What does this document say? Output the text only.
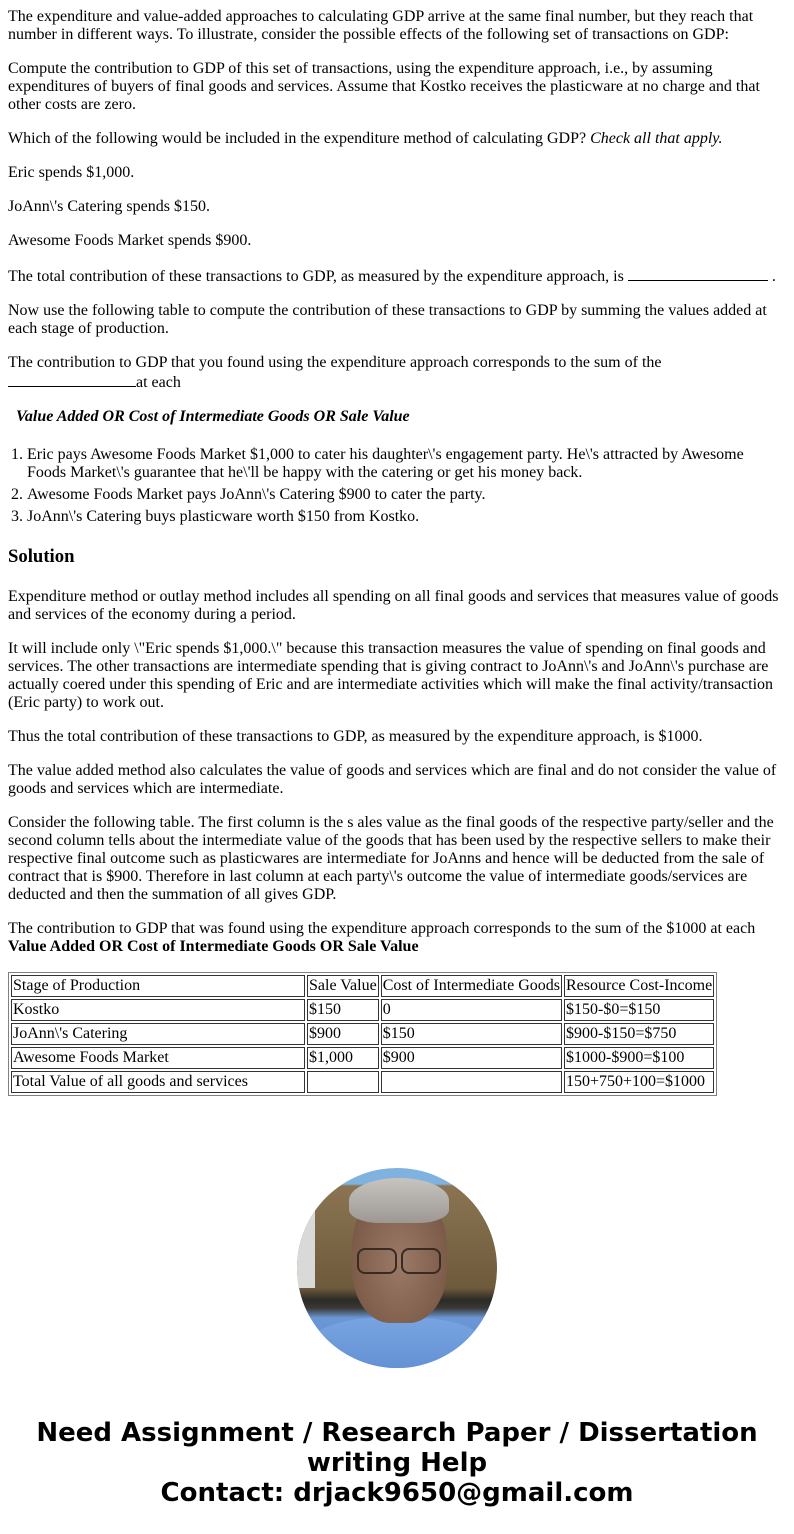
The expenditure and value-added approaches to calculating GDP arrive at the same final number, but they reach that number in different ways. To illustrate, consider the possible effects of the following set of transactions on GDP:

Compute the contribution to GDP of this set of transactions, using the expenditure approach, i.e., by assuming expenditures of buyers of final goods and services. Assume that Kostko receives the plasticware at no charge and that other costs are zero.

Which of the following would be included in the expenditure method of calculating GDP? Check all that apply.

Eric spends $1,000.

JoAnn\'s Catering spends $150.

Awesome Foods Market spends $900.

The total contribution of these transactions to GDP, as measured by the expenditure approach, is	.

Now use the following table to compute the contribution of these transactions to GDP by summing the values added at each stage of production.

The contribution to GDP that you found using the expenditure approach corresponds to the sum of the
at each

Value Added OR Cost of Intermediate Goods OR Sale Value
1. Eric pays Awesome Foods Market $1,000 to cater his daughter\'s engagement party. He\'s attracted by Awesome Foods Market\'s guarantee that he\'ll be happy with the catering or get his money back.
2. Awesome Foods Market pays JoAnn\'s Catering $900 to cater the party.
3. JoAnn\'s Catering buys plasticware worth $150 from Kostko.
Solution

Expenditure method or outlay method includes all spending on all final goods and services that measures value of goods and services of the economy during a period.

It will include only \"Eric spends $1,000.\" because this transaction measures the value of spending on final goods and services. The other transactions are intermediate spending that is giving contract to JoAnn\'s and JoAnn\'s purchase are actually coered under this spending of Eric and are intermediate activities which will make the final activity/transaction (Eric party) to work out.

Thus the total contribution of these transactions to GDP, as measured by the expenditure approach, is $1000.

The value added method also calculates the value of goods and services which are final and do not consider the value of goods and services which are intermediate.

Consider the following table. The first column is the s ales value as the final goods of the respective party/seller and the second column tells about the intermediate value of the goods that has been used by the respective sellers to make their respective final outcome such as plasticwares are intermediate for JoAnns and hence will be deducted from the sale of contract that is $900. Therefore in last column at each party\'s outcome the value of intermediate goods/services are deducted and then the summation of all gives GDP.

The contribution to GDP that was found using the expenditure approach corresponds to the sum of the $1000 at each
Value Added OR Cost of Intermediate Goods OR Sale Value

Stage of Production	Sale Value	Cost of Intermediate Goods	Resource Cost-Income
Kostko	$150	0	$150-$0=$150
JoAnn\'s Catering	$900	$150	$900-$150=$750
Awesome Foods Market	$1,000	$900	$1000-$900=$100
Total Value of all goods and services			150+750+100=$1000
Need Assignment / Research Paper / Dissertation
writing Help
Contact: drjack9650@gmail.com
